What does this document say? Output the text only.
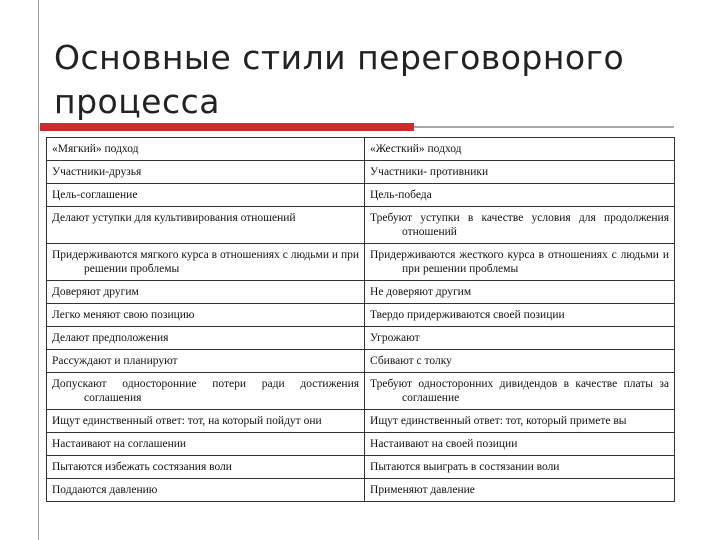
Основные стили переговорного процесса
«Мягкий» подход	«Жесткий» подход

Участники-друзья	Участники- противники

Цель-соглашение	Цель-победа

Делают уступки для культивирования отношений	Требуют уступки в качестве условия для продолжения отношений

Придерживаются мягкого курса в отношениях с людьми и при решении проблемы	Придерживаются жесткого курса в отношениях с людьми и при решении проблемы

Доверяют другим	Не доверяют другим

Легко меняют свою позицию	Твердо придерживаются своей позиции

Делают предположения	Угрожают

Рассуждают и планируют	Сбивают с толку

Допускают односторонние потери ради достижения соглашения	Требуют односторонних дивидендов в качестве платы за соглашение

Ищут единственный ответ: тот, на который пойдут они	Ищут единственный ответ: тот, который примете вы

Настаивают на соглашении	Настаивают на своей позиции

Пытаются избежать состязания воли	Пытаются выиграть в состязании воли

Поддаются давлению	Применяют давление
